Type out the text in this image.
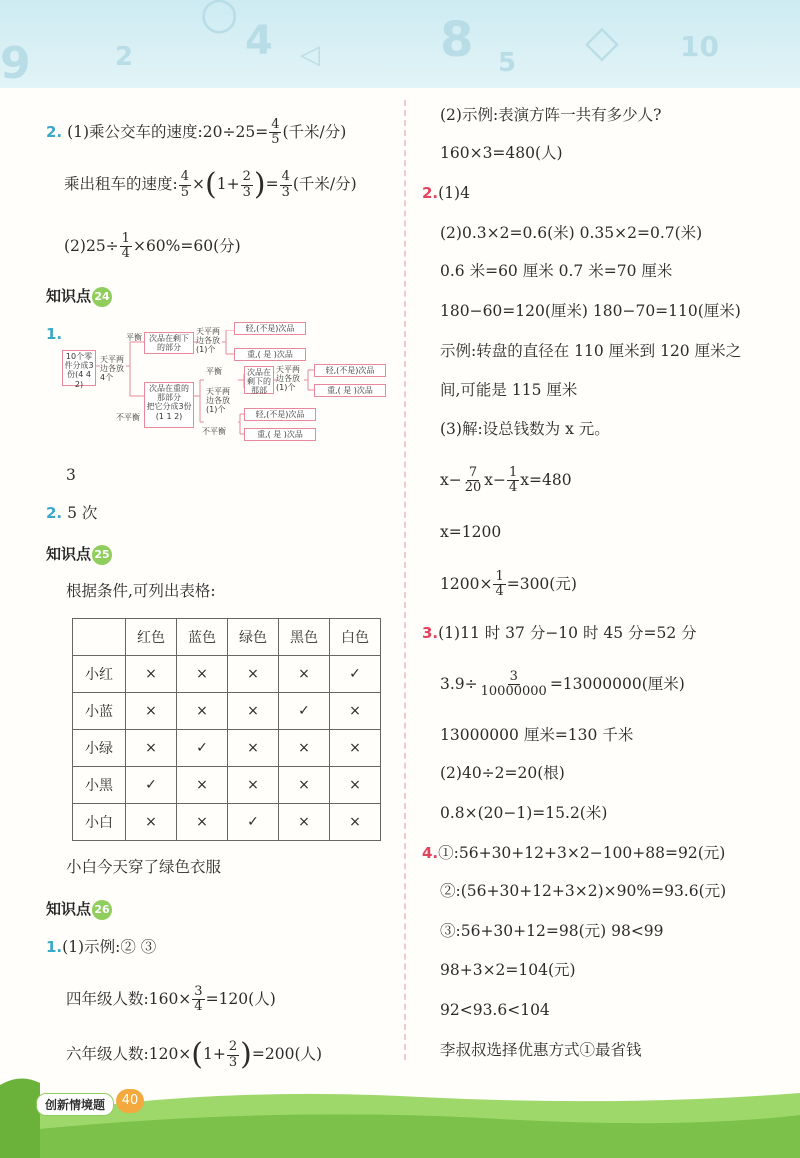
9	2	4 ◁	8 5 ◇ 10
○
2. (1)乘公交车的速度:20÷25= $\frac{4}{5}$ (千米/分)
乘出租车的速度: $\frac{4}{5} \times(1+ \frac{2}{3}$ )= $\frac{4}{3}$ (千米/分)
$(2)25\div \frac{1}{4} \times 60\%=60$(分)
知识点 24
1.
10个零件分成3份(4 4 2)
天平两边各放4个
平衡
不平衡
次品在剩下的部分
天平两边各放(1)个
轻,(不是)次品
重,( 是 )次品
次品在重的那部分
把它分成3份(1 1 2)
平衡
天平两边各放(1)个
次品在剩下的那部
天平两边各放(1)个
轻,(不是)次品
重,( 是 )次品
不平衡
轻,(不是)次品
重,( 是 )次品
3
2. 5 次
知识点 25
根据条件,可列出表格:
	红色	蓝色	绿色	黑色	白色
小红	×	×	×	×	✓
小蓝	×	×	×	✓	×
小绿	×	✓	×	×	×
小黑	✓	×	×	×	×
小白	×	×	✓	×	×
小白今天穿了绿色衣服
知识点 26
1.(1)示例:② ③
四年级人数:160× $\frac{3}{4} =120$(人)
六年级人数:120×(1+ $\frac{2}{3} )=200$(人)
(2)示例:表演方阵一共有多少人?
160×3=480(人)
2.(1)4
(2)0.3×2=0.6(米) 0.35×2=0.7(米)
0.6 米=60 厘米 0.7 米=70 厘米
180−60=120(厘米) 180−70=110(厘米)
示例:转盘的直径在 110 厘米到 120 厘米之
间,可能是 115 厘米
(3)解:设总钱数为 x 元。
$x- \frac{7}{20} x- \frac{1}{4} x=480$
x=1200
$1200\times \frac{1}{4} =300$(元)
3.(1)11 时 37 分−10 时 45 分=52 分
$3.9\div \frac{3}{10000000} =13000000$(厘米)
13000000 厘米=130 千米
(2)40÷2=20(根)
0.8×(20−1)=15.2(米)
4.①:56+30+12+3×2−100+88=92(元)
②:(56+30+12+3×2)×90%=93.6(元)
③:56+30+12=98(元) 98<99
98+3×2=104(元)
92<93.6<104
李叔叔选择优惠方式①最省钱
创新情境题	40
